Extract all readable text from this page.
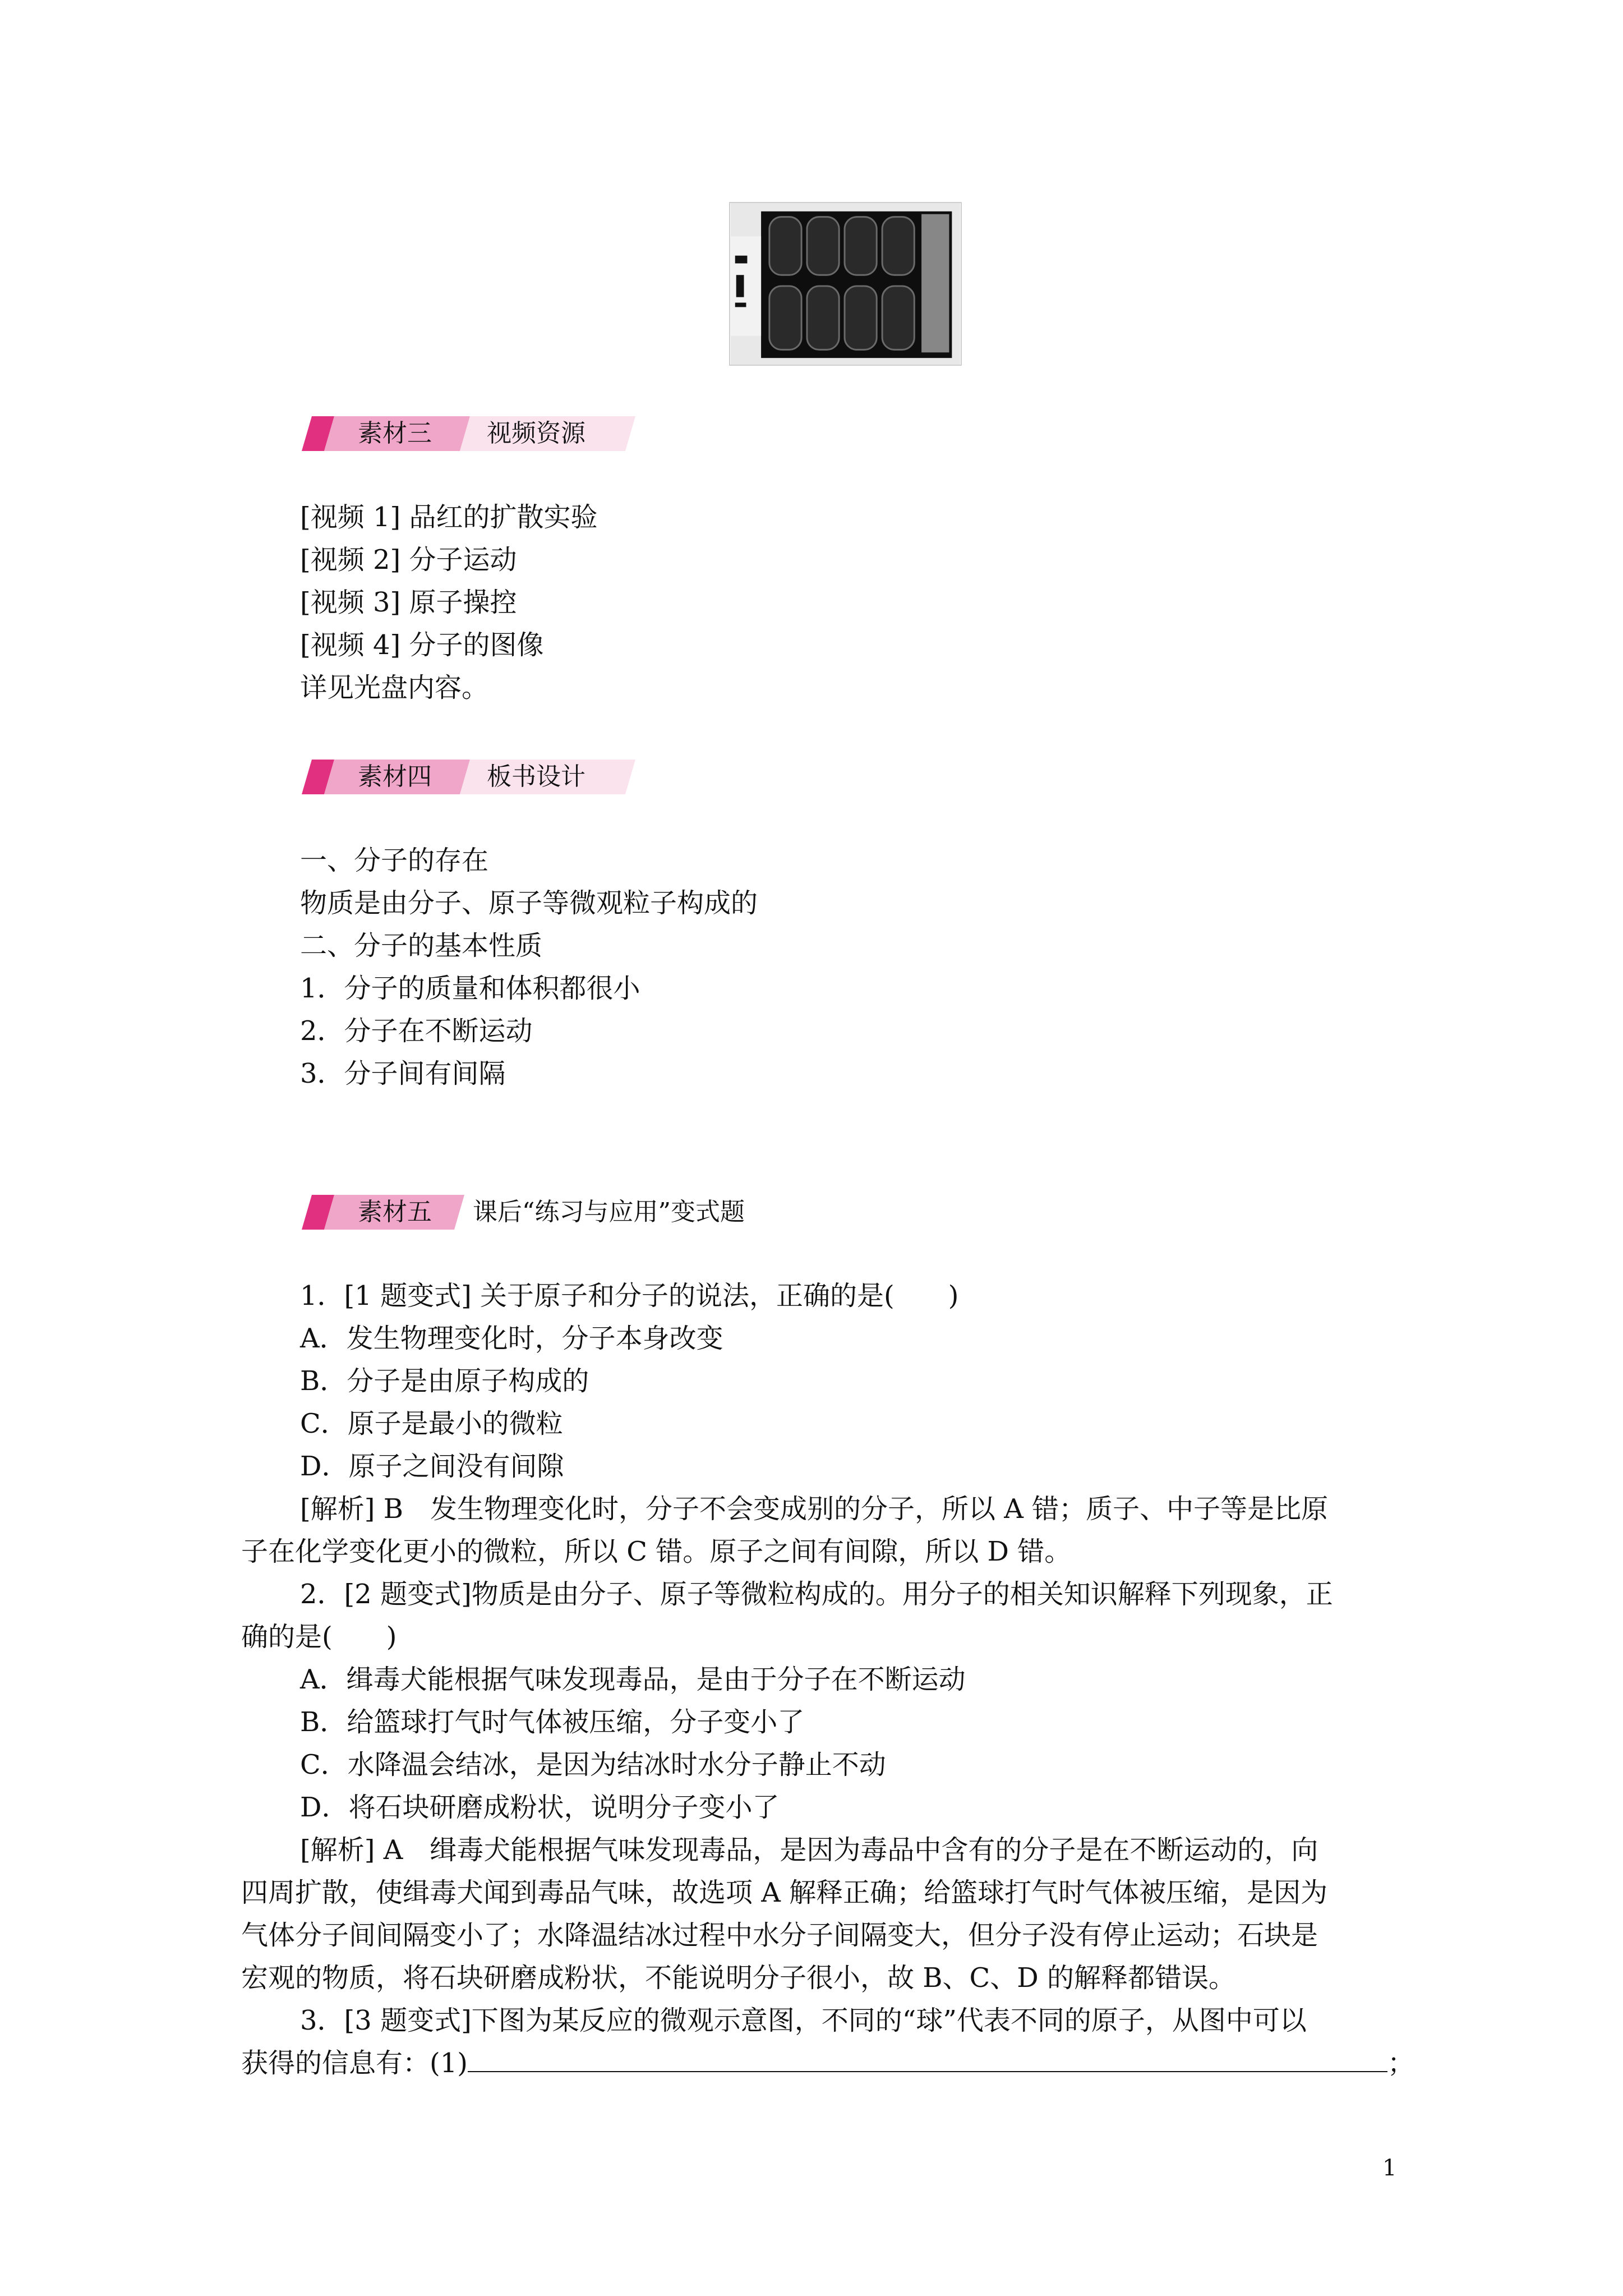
素材三 视频资源
[视频 1] 品红的扩散实验
[视频 2] 分子运动
[视频 3] 原子操控
[视频 4] 分子的图像
详见光盘内容。
素材四 板书设计
一、分子的存在
物质是由分子、原子等微观粒子构成的
二、分子的基本性质
1．分子的质量和体积都很小
2．分子在不断运动
3．分子间有间隔
素材五 课后“练习与应用”变式题
1．[1 题变式] 关于原子和分子的说法，正确的是(　　)
A．发生物理变化时，分子本身改变
B．分子是由原子构成的
C．原子是最小的微粒
D．原子之间没有间隙
[解析] B　发生物理变化时，分子不会变成别的分子，所以 A 错；质子、中子等是比原
子在化学变化更小的微粒，所以 C 错。原子之间有间隙，所以 D 错。
2．[2 题变式]物质是由分子、原子等微粒构成的。用分子的相关知识解释下列现象，正
确的是(　　)
A．缉毒犬能根据气味发现毒品，是由于分子在不断运动
B．给篮球打气时气体被压缩，分子变小了
C．水降温会结冰，是因为结冰时水分子静止不动
D．将石块研磨成粉状，说明分子变小了
[解析] A　缉毒犬能根据气味发现毒品，是因为毒品中含有的分子是在不断运动的，向
四周扩散，使缉毒犬闻到毒品气味，故选项 A 解释正确；给篮球打气时气体被压缩，是因为
气体分子间间隔变小了；水降温结冰过程中水分子间隔变大，但分子没有停止运动；石块是
宏观的物质，将石块研磨成粉状，不能说明分子很小，故 B、C、D 的解释都错误。
3．[3 题变式]下图为某反应的微观示意图，不同的“球”代表不同的原子，从图中可以
获得的信息有：(1)	；
1
